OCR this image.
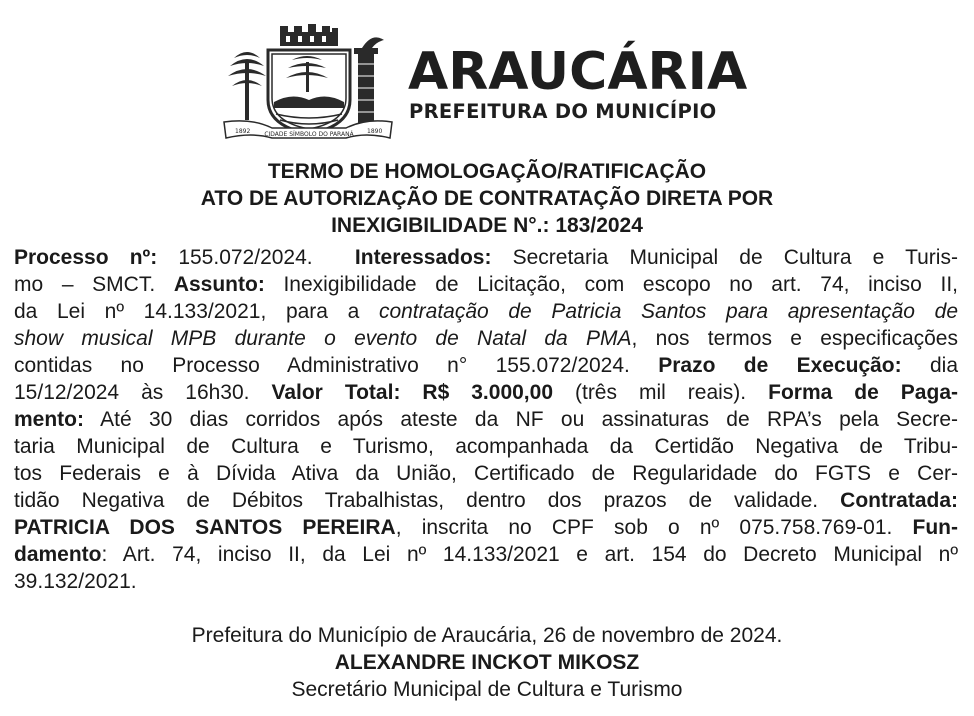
1892 CIDADE SÍMBOLO DO PARANÁ 1890
ARAUCÁRIA
PREFEITURA DO MUNICÍPIO
TERMO DE HOMOLOGAÇÃO/RATIFICAÇÃO
ATO DE AUTORIZAÇÃO DE CONTRATAÇÃO DIRETA POR
INEXIGIBILIDADE N°.: 183/2024
Processo nº: 155.072/2024.  Interessados: Secretaria Municipal de Cultura e Turis-
mo – SMCT. Assunto: Inexigibilidade de Licitação, com escopo no art. 74, inciso II,
da Lei nº 14.133/2021, para a contratação de Patricia Santos para apresentação de
show musical MPB durante o evento de Natal da PMA, nos termos e especificações
contidas no Processo Administrativo n° 155.072/2024. Prazo de Execução: dia
15/12/2024 às 16h30. Valor Total: R$ 3.000,00 (três mil reais). Forma de Paga-
mento: Até 30 dias corridos após ateste da NF ou assinaturas de RPA’s pela Secre-
taria Municipal de Cultura e Turismo, acompanhada da Certidão Negativa de Tribu-
tos Federais e à Dívida Ativa da União, Certificado de Regularidade do FGTS e Cer-
tidão Negativa de Débitos Trabalhistas, dentro dos prazos de validade. Contratada:
PATRICIA DOS SANTOS PEREIRA, inscrita no CPF sob o nº 075.758.769-01. Fun-
damento: Art. 74, inciso II, da Lei nº 14.133/2021 e art. 154 do Decreto Municipal nº
39.132/2021.
Prefeitura do Município de Araucária, 26 de novembro de 2024.
ALEXANDRE INCKOT MIKOSZ
Secretário Municipal de Cultura e Turismo
